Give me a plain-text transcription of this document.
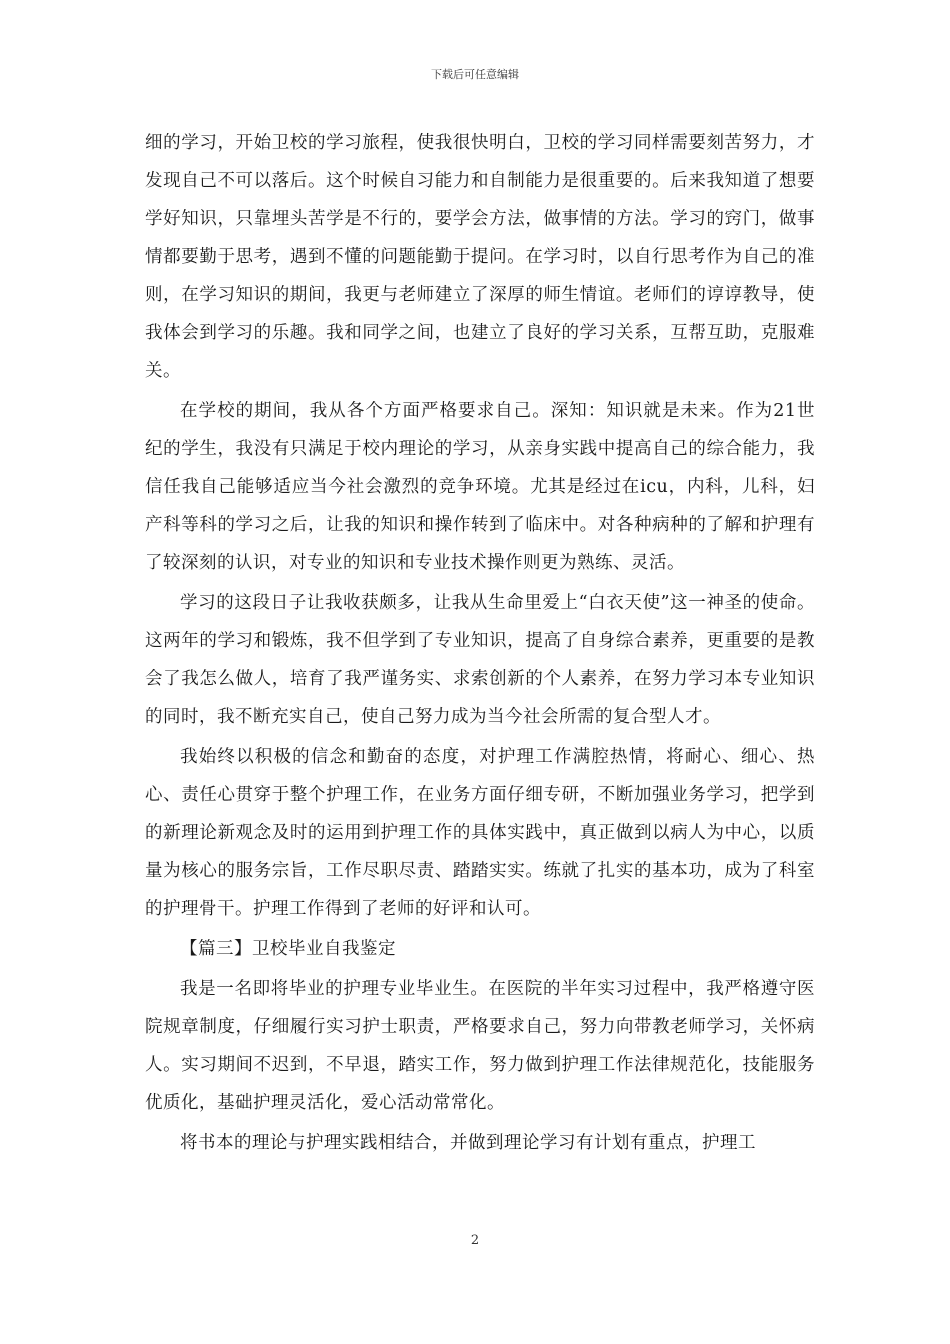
下载后可任意编辑

细的学习，开始卫校的学习旅程，使我很快明白，卫校的学习同样需要刻苦努力，才发现自己不可以落后。这个时候自习能力和自制能力是很重要的。后来我知道了想要学好知识，只靠埋头苦学是不行的，要学会方法，做事情的方法。学习的窍门，做事情都要勤于思考，遇到不懂的问题能勤于提问。在学习时，以自行思考作为自己的准则，在学习知识的期间，我更与老师建立了深厚的师生情谊。老师们的谆谆教导，使我体会到学习的乐趣。我和同学之间，也建立了良好的学习关系，互帮互助，克服难关。

在学校的期间，我从各个方面严格要求自己。深知：知识就是未来。作为21世纪的学生，我没有只满足于校内理论的学习，从亲身实践中提高自己的综合能力，我信任我自己能够适应当今社会激烈的竞争环境。尤其是经过在icu，内科，儿科，妇产科等科的学习之后，让我的知识和操作转到了临床中。对各种病种的了解和护理有了较深刻的认识，对专业的知识和专业技术操作则更为熟练、灵活。

学习的这段日子让我收获颇多，让我从生命里爱上“白衣天使”这一神圣的使命。这两年的学习和锻炼，我不但学到了专业知识，提高了自身综合素养，更重要的是教会了我怎么做人，培育了我严谨务实、求索创新的个人素养，在努力学习本专业知识的同时，我不断充实自己，使自己努力成为当今社会所需的复合型人才。

我始终以积极的信念和勤奋的态度，对护理工作满腔热情，将耐心、细心、热心、责任心贯穿于整个护理工作，在业务方面仔细专研，不断加强业务学习，把学到的新理论新观念及时的运用到护理工作的具体实践中，真正做到以病人为中心，以质量为核心的服务宗旨，工作尽职尽责、踏踏实实。练就了扎实的基本功，成为了科室的护理骨干。护理工作得到了老师的好评和认可。

【篇三】卫校毕业自我鉴定

我是一名即将毕业的护理专业毕业生。在医院的半年实习过程中，我严格遵守医院规章制度，仔细履行实习护士职责，严格要求自己，努力向带教老师学习，关怀病人。实习期间不迟到，不早退，踏实工作，努力做到护理工作法律规范化，技能服务优质化，基础护理灵活化，爱心活动常常化。

将书本的理论与护理实践相结合，并做到理论学习有计划有重点，护理工

2
